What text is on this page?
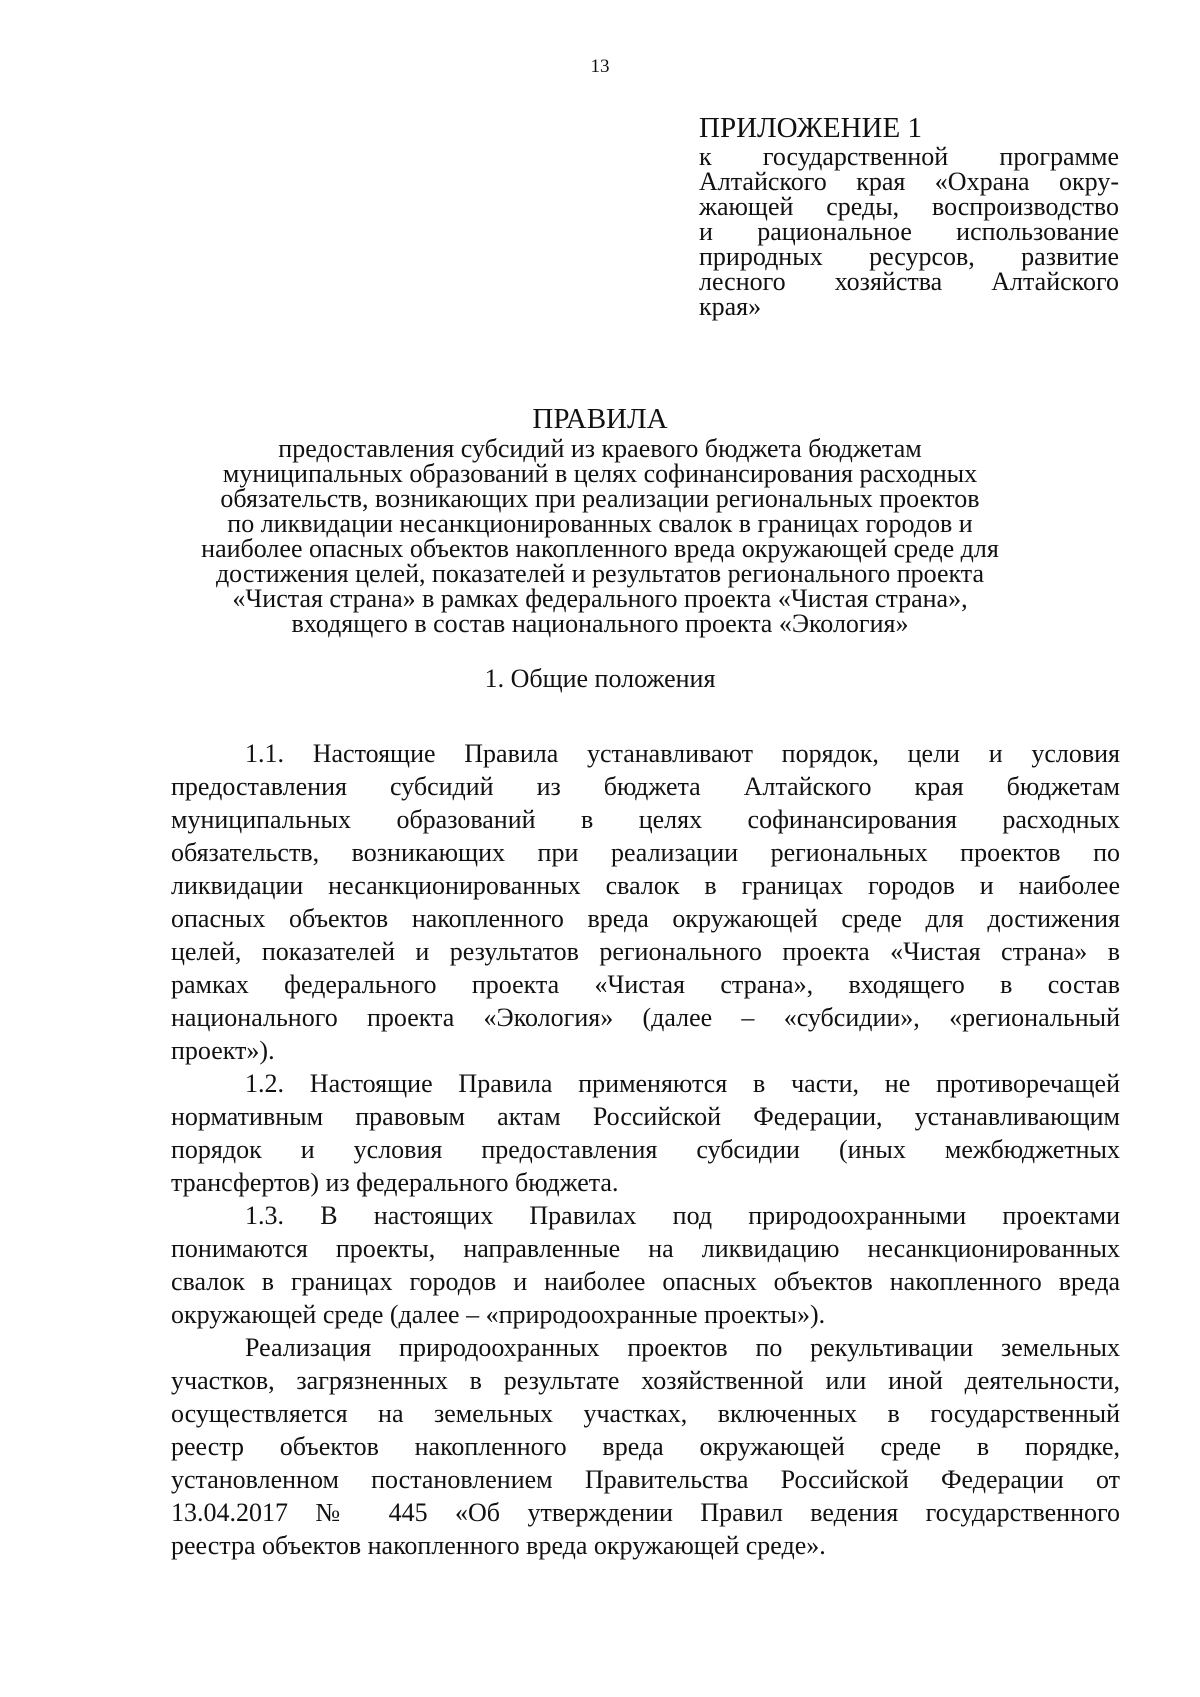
13
ПРИЛОЖЕНИЕ 1
к государственной программе
Алтайского края «Охрана окру-
жающей среды, воспроизводство
и рациональное использование
природных ресурсов, развитие
лесного хозяйства Алтайского
края»
ПРАВИЛА
предоставления субсидий из краевого бюджета бюджетам
муниципальных образований в целях софинансирования расходных
обязательств, возникающих при реализации региональных проектов
по ликвидации несанкционированных свалок в границах городов и
наиболее опасных объектов накопленного вреда окружающей среде для
достижения целей, показателей и результатов регионального проекта
«Чистая страна» в рамках федерального проекта «Чистая страна»,
входящего в состав национального проекта «Экология»
1. Общие положения
1.1. Настоящие Правила устанавливают порядок, цели и условия
предоставления субсидий из бюджета Алтайского края бюджетам
муниципальных образований в целях софинансирования расходных
обязательств, возникающих при реализации региональных проектов по
ликвидации несанкционированных свалок в границах городов и наиболее
опасных объектов накопленного вреда окружающей среде для достижения
целей, показателей и результатов регионального проекта «Чистая страна» в
рамках федерального проекта «Чистая страна», входящего в состав
национального проекта «Экология» (далее – «субсидии», «региональный
проект»).
1.2. Настоящие Правила применяются в части, не противоречащей
нормативным правовым актам Российской Федерации, устанавливающим
порядок и условия предоставления субсидии (иных межбюджетных
трансфертов) из федерального бюджета.
1.3. В настоящих Правилах под природоохранными проектами
понимаются проекты, направленные на ликвидацию несанкционированных
свалок в границах городов и наиболее опасных объектов накопленного вреда
окружающей среде (далее – «природоохранные проекты»).
Реализация природоохранных проектов по рекультивации земельных
участков, загрязненных в результате хозяйственной или иной деятельности,
осуществляется на земельных участках, включенных в государственный
реестр объектов накопленного вреда окружающей среде в порядке,
установленном постановлением Правительства Российской Федерации от
13.04.2017 № 445 «Об утверждении Правил ведения государственного
реестра объектов накопленного вреда окружающей среде».
